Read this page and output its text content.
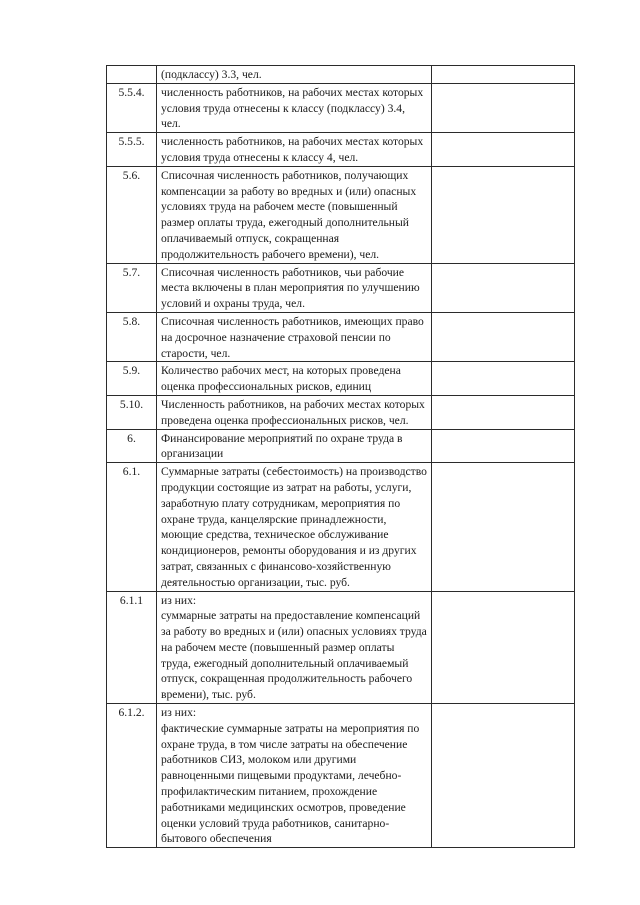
	(подклассу) 3.3, чел.	
5.5.4.	численность работников, на рабочих местах которых условия труда отнесены к классу (подклассу) 3.4, чел.	
5.5.5.	численность работников, на рабочих местах которых условия труда отнесены к классу 4, чел.	
5.6.	Списочная численность работников, получающих компенсации за работу во вредных и (или) опасных условиях труда на рабочем месте (повышенный размер оплаты труда, ежегодный дополнительный оплачиваемый отпуск, сокращенная продолжительность рабочего времени), чел.	
5.7.	Списочная численность работников, чьи рабочие места включены в план мероприятия по улучшению условий и охраны труда, чел.	
5.8.	Списочная численность работников, имеющих право на досрочное назначение страховой пенсии по старости, чел.	
5.9.	Количество рабочих мест, на которых проведена оценка профессиональных рисков, единиц	
5.10.	Численность работников, на рабочих местах которых проведена оценка профессиональных рисков, чел.	
6.	Финансирование мероприятий по охране труда в организации	
6.1.	Суммарные затраты (себестоимость) на производство продукции состоящие из затрат на работы, услуги, заработную плату сотрудникам, мероприятия по охране труда, канцелярские принадлежности, моющие средства, техническое обслуживание кондиционеров, ремонты оборудования и из других затрат, связанных с финансово-хозяйственную деятельностью организации, тыс. руб.	
6.1.1	из них:
суммарные затраты на предоставление компенсаций за работу во вредных и (или) опасных условиях труда на рабочем месте (повышенный размер оплаты труда, ежегодный дополнительный оплачиваемый отпуск, сокращенная продолжительность рабочего времени), тыс. руб.	
6.1.2.	из них:
фактические суммарные затраты на мероприятия по охране труда, в том числе затраты на обеспечение работников СИЗ, молоком или другими равноценными пищевыми продуктами, лечебно-профилактическим питанием, прохождение работниками медицинских осмотров, проведение оценки условий труда работников, санитарно-бытового обеспечения	
